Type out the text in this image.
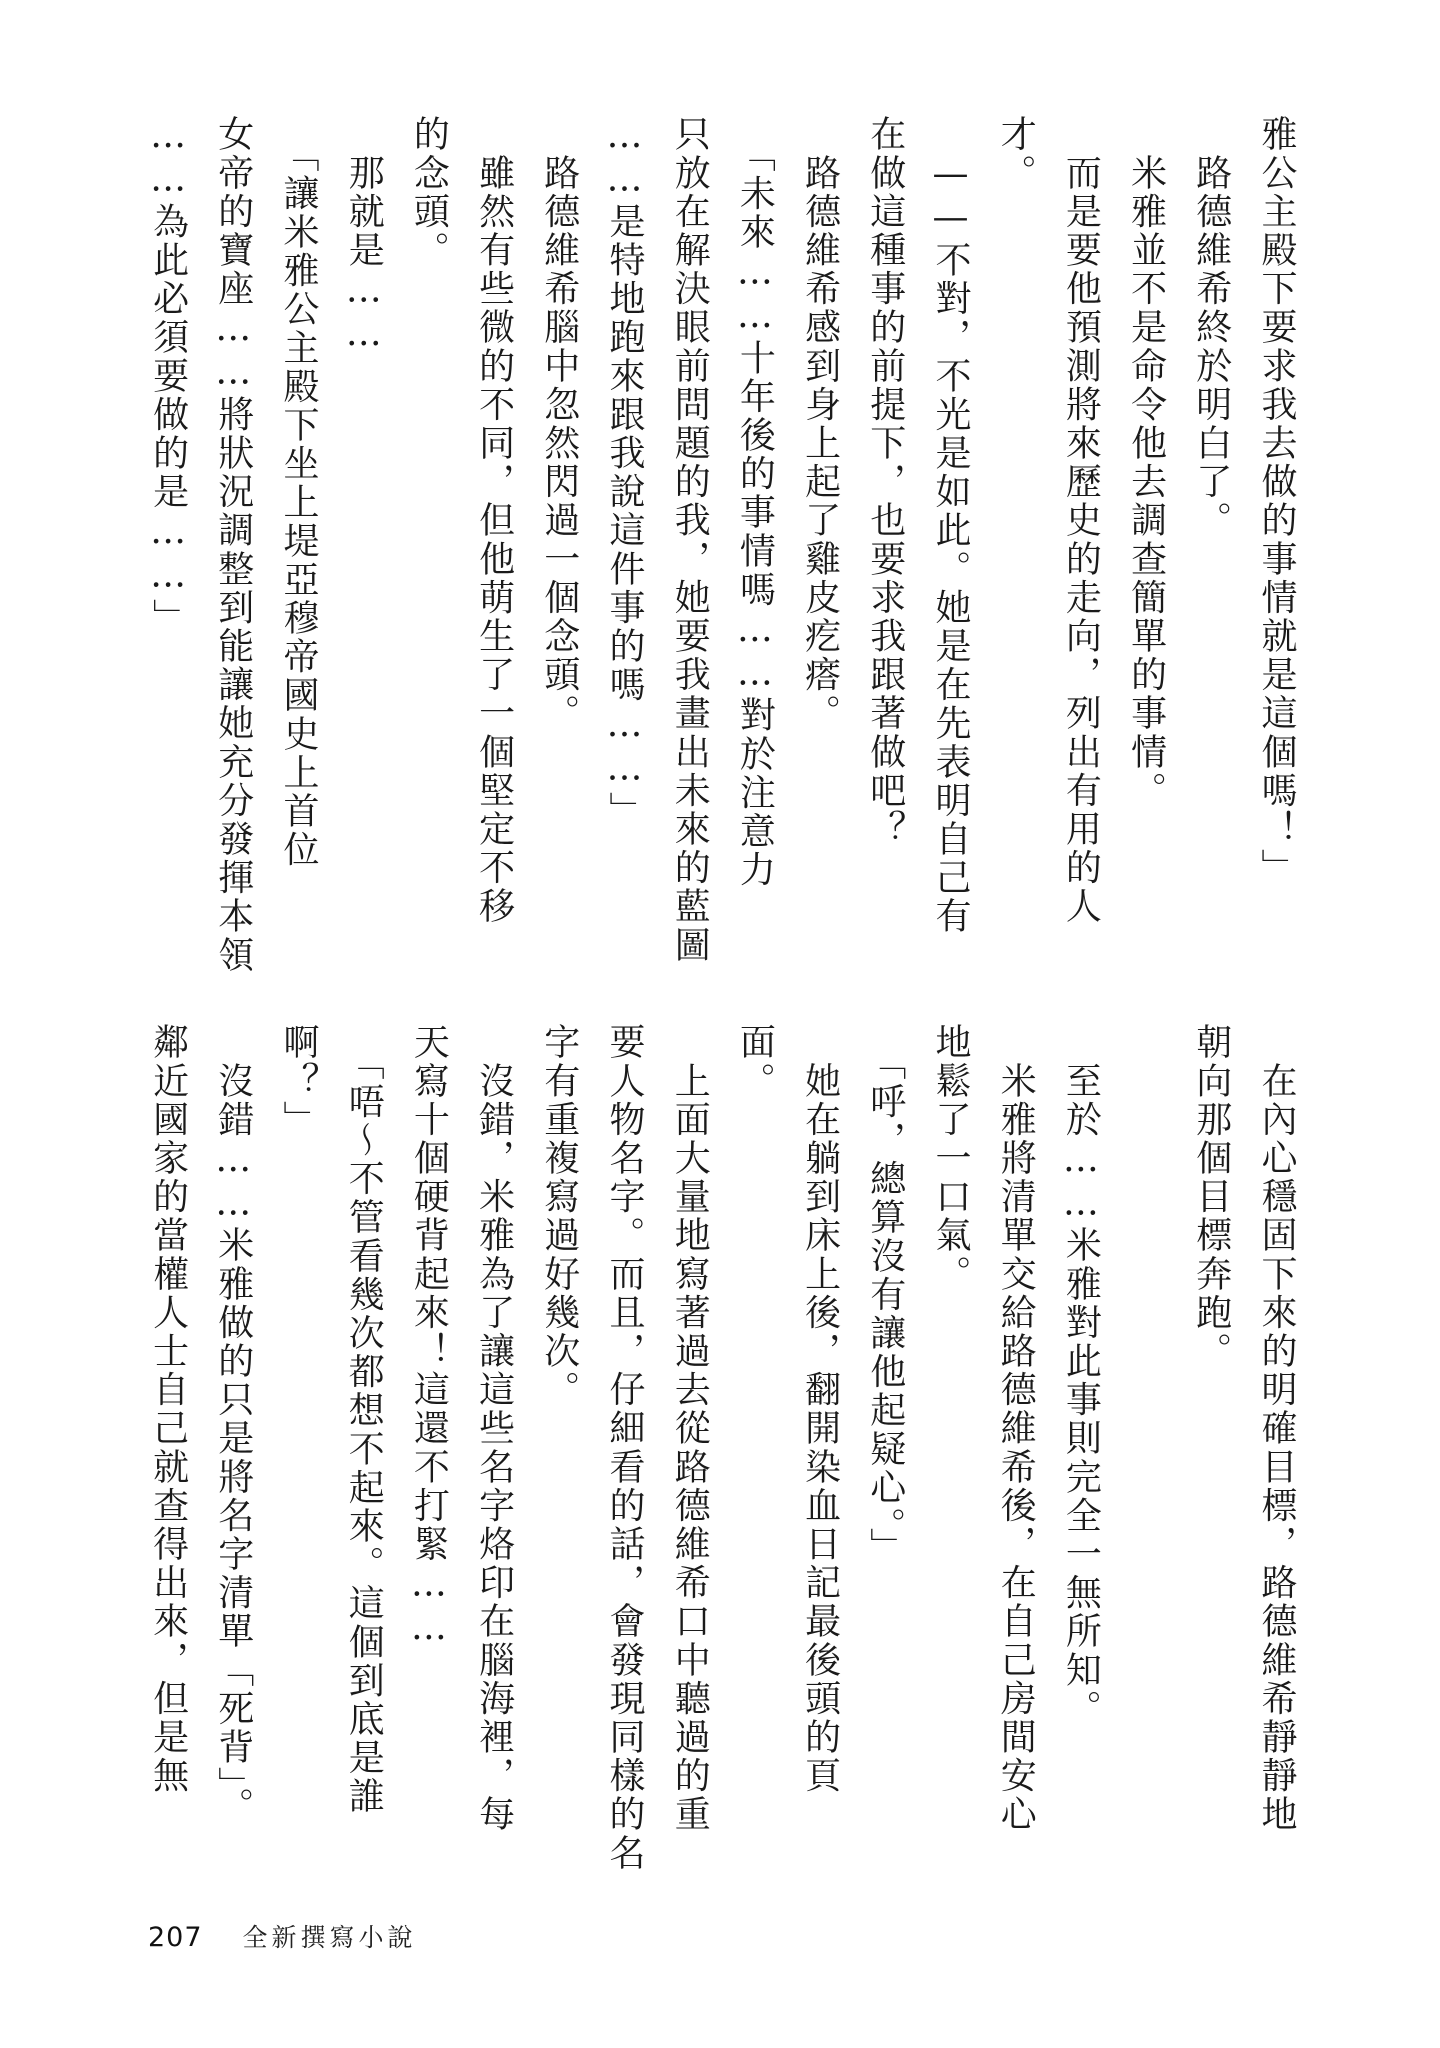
雅公主殿下要求我去做的事情就是這個嗎！」
　路德維希終於明白了。
　米雅並不是命令他去調查簡單的事情。
　而是要他預測將來歷史的走向，列出有用的人
才。
　——不對，不光是如此。她是在先表明自己有
在做這種事的前提下，也要求我跟著做吧？
　路德維希感到身上起了雞皮疙瘩。
　「未來……十年後的事情嗎……對於注意力
只放在解決眼前問題的我，她要我畫出未來的藍圖
……是特地跑來跟我說這件事的嗎……」
　路德維希腦中忽然閃過一個念頭。
　雖然有些微的不同，但他萌生了一個堅定不移
的念頭。
　那就是……
　「讓米雅公主殿下坐上堤亞穆帝國史上首位
女帝的寶座……將狀況調整到能讓她充分發揮本領
……為此必須要做的是……」
　在內心穩固下來的明確目標，路德維希靜靜地
朝向那個目標奔跑。
　至於……米雅對此事則完全一無所知。
　米雅將清單交給路德維希後，在自己房間安心
地鬆了一口氣。
　「呼，總算沒有讓他起疑心。」
　她在躺到床上後，翻開染血日記最後頭的頁
面。
　上面大量地寫著過去從路德維希口中聽過的重
要人物名字。而且，仔細看的話，會發現同樣的名
字有重複寫過好幾次。
　沒錯，米雅為了讓這些名字烙印在腦海裡，每
天寫十個硬背起來！這還不打緊……
　「唔～不管看幾次都想不起來。這個到底是誰
啊？」
　沒錯……米雅做的只是將名字清單「死背」。
鄰近國家的當權人士自己就查得出來，但是無
207 全新撰寫小說
